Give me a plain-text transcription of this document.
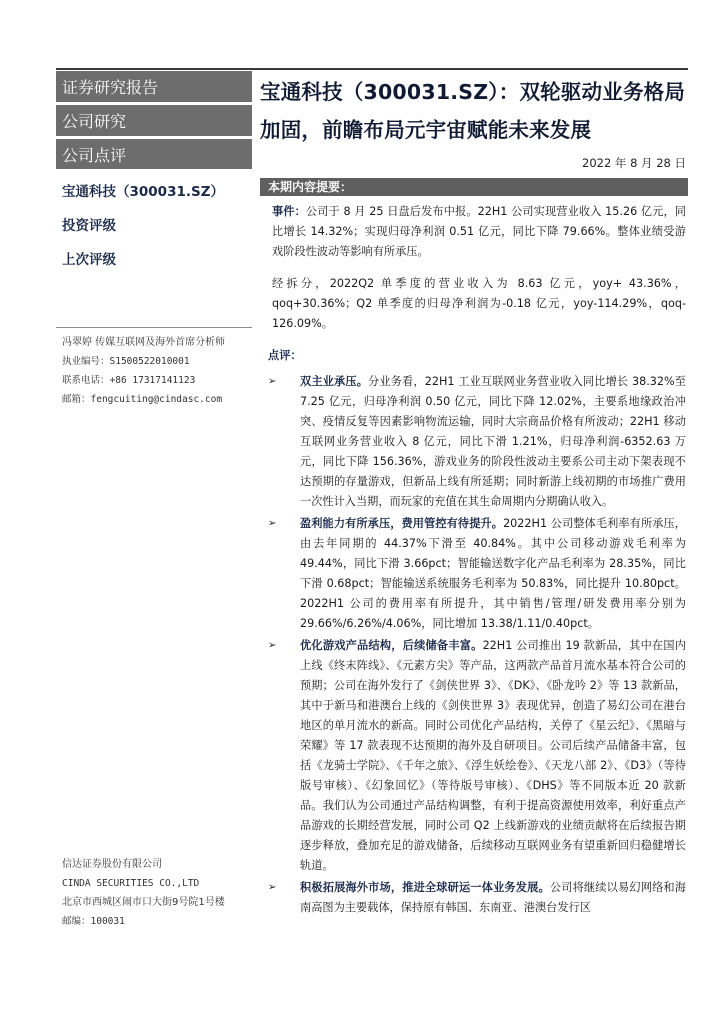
证券研究报告
公司研究
公司点评
宝通科技（300031.SZ）
投资评级
上次评级
冯翠婷 传媒互联网及海外首席分析师
执业编号：S1500522010001
联系电话：+86 17317141123
邮箱：fengcuiting@cindasc.com
信达证券股份有限公司
CINDA SECURITIES CO.,LTD
北京市西城区闹市口大街9号院1号楼
邮编：100031
宝通科技（300031.SZ）：双轮驱动业务格局加固，前瞻布局元宇宙赋能未来发展
2022 年 8 月 28 日
本期内容提要：

事件：公司于 8 月 25 日盘后发布中报。22H1 公司实现营业收入 15.26 亿元，同比增长 14.32%；实现归母净利润 0.51 亿元，同比下降 79.66%。整体业绩受游戏阶段性波动等影响有所承压。

经拆分，2022Q2 单季度的营业收入为 8.63 亿元，yoy+ 43.36%，qoq+30.36%；Q2 单季度的归母净利润为-0.18 亿元，yoy-114.29%，qoq-126.09%。

点评：

➢ 双主业承压。分业务看，22H1 工业互联网业务营业收入同比增长 38.32%至 7.25 亿元，归母净利润 0.50 亿元，同比下降 12.02%，主要系地缘政治冲突、疫情反复等因素影响物流运输，同时大宗商品价格有所波动；22H1 移动互联网业务营业收入 8 亿元，同比下滑 1.21%，归母净利润-6352.63 万元，同比下降 156.36%，游戏业务的阶段性波动主要系公司主动下架表现不达预期的存量游戏，但新品上线有所延期；同时新游上线初期的市场推广费用一次性计入当期，而玩家的充值在其生命周期内分期确认收入。
➢ 盈利能力有所承压，费用管控有待提升。2022H1 公司整体毛利率有所承压，由去年同期的 44.37%下滑至 40.84%。其中公司移动游戏毛利率为 49.44%，同比下滑 3.66pct；智能输送数字化产品毛利率为 28.35%，同比下滑 0.68pct；智能输送系统服务毛利率为 50.83%，同比提升 10.80pct。2022H1 公司的费用率有所提升，其中销售/管理/研发费用率分别为 29.66%/6.26%/4.06%，同比增加 13.38/1.11/0.40pct。
➢ 优化游戏产品结构，后续储备丰富。22H1 公司推出 19 款新品，其中在国内上线《终末阵线》、《元素方尖》等产品，这两款产品首月流水基本符合公司的预期；公司在海外发行了《剑侠世界 3》、《DK》、《卧龙吟 2》等 13 款新品，其中于新马和港澳台上线的《剑侠世界 3》表现优异，创造了易幻公司在港台地区的单月流水的新高。同时公司优化产品结构，关停了《星云纪》、《黑暗与荣耀》等 17 款表现不达预期的海外及自研项目。公司后续产品储备丰富，包括《龙骑士学院》、《千年之旅》、《浮生妖绘卷》、《天龙八部 2》、《D3》（等待版号审核）、《幻象回忆》（等待版号审核）、《DHS》等不同版本近 20 款新品。我们认为公司通过产品结构调整，有利于提高资源使用效率，利好重点产品游戏的长期经营发展，同时公司 Q2 上线新游戏的业绩贡献将在后续报告期逐步释放，叠加充足的游戏储备，后续移动互联网业务有望重新回归稳健增长轨道。
➢ 积极拓展海外市场，推进全球研运一体业务发展。公司将继续以易幻网络和海南高图为主要载体，保持原有韩国、东南亚、港澳台发行区
